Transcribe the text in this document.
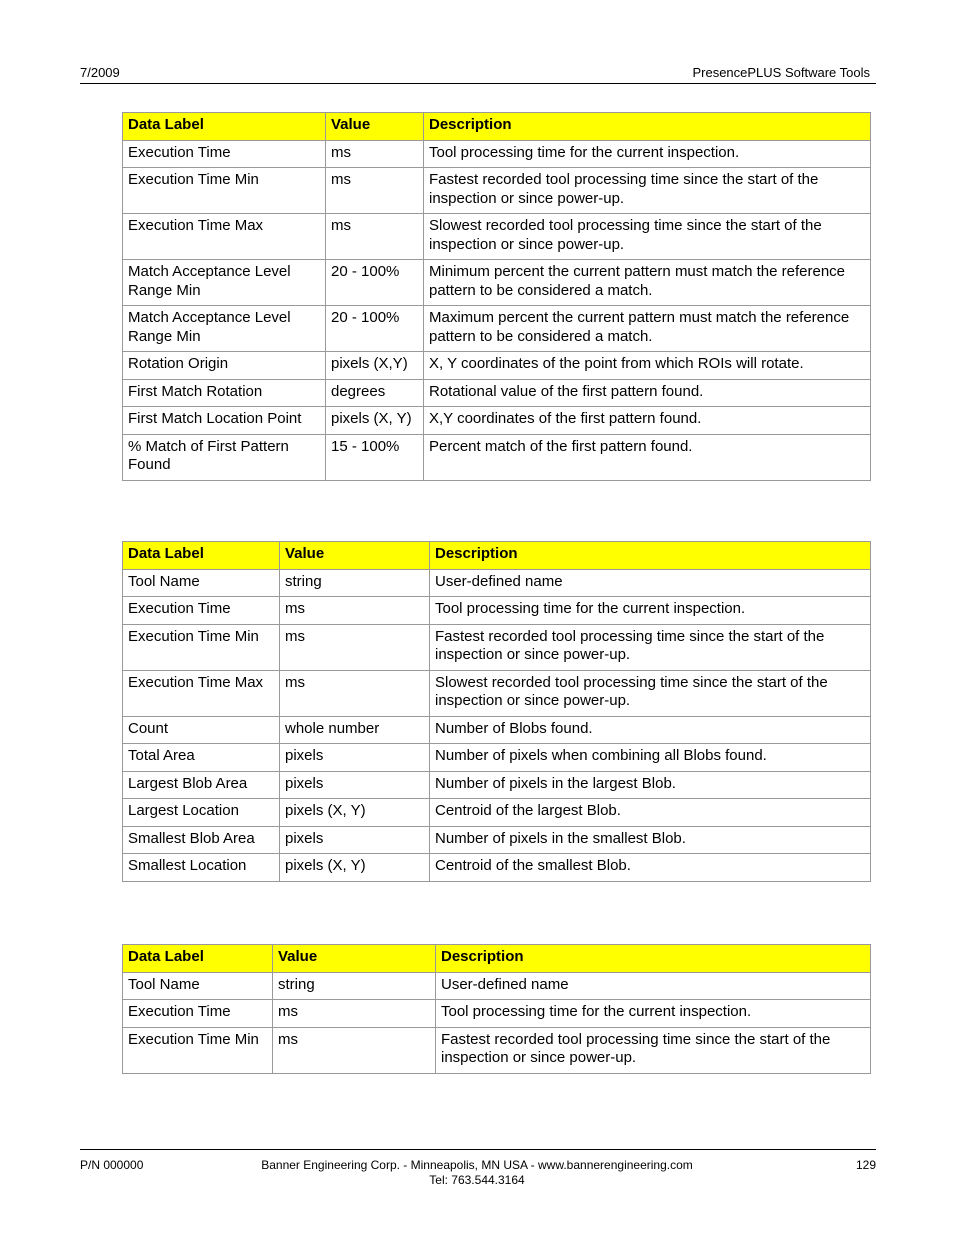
7/2009	PresencePLUS Software Tools
Data Label	Value	Description
Execution Time	ms	Tool processing time for the current inspection.
Execution Time Min	ms	Fastest recorded tool processing time since the start of the inspection or since power-up.
Execution Time Max	ms	Slowest recorded tool processing time since the start of the inspection or since power-up.
Match Acceptance Level Range Min	20 - 100%	Minimum percent the current pattern must match the reference pattern to be considered a match.
Match Acceptance Level Range Min	20 - 100%	Maximum percent the current pattern must match the reference pattern to be considered a match.
Rotation Origin	pixels (X,Y)	X, Y coordinates of the point from which ROIs will rotate.
First Match Rotation	degrees	Rotational value of the first pattern found.
First Match Location Point	pixels (X, Y)	X,Y coordinates of the first pattern found.
% Match of First Pattern Found	15 - 100%	Percent match of the first pattern found.
Data Label	Value	Description
Tool Name	string	User-defined name
Execution Time	ms	Tool processing time for the current inspection.
Execution Time Min	ms	Fastest recorded tool processing time since the start of the inspection or since power-up.
Execution Time Max	ms	Slowest recorded tool processing time since the start of the inspection or since power-up.
Count	whole number	Number of Blobs found.
Total Area	pixels	Number of pixels when combining all Blobs found.
Largest Blob Area	pixels	Number of pixels in the largest Blob.
Largest Location	pixels (X, Y)	Centroid of the largest Blob.
Smallest Blob Area	pixels	Number of pixels in the smallest Blob.
Smallest Location	pixels (X, Y)	Centroid of the smallest Blob.
Data Label	Value	Description
Tool Name	string	User-defined name
Execution Time	ms	Tool processing time for the current inspection.
Execution Time Min	ms	Fastest recorded tool processing time since the start of the inspection or since power-up.
P/N 000000	Banner Engineering Corp. - Minneapolis, MN USA - www.bannerengineering.com
Tel: 763.544.3164
129
